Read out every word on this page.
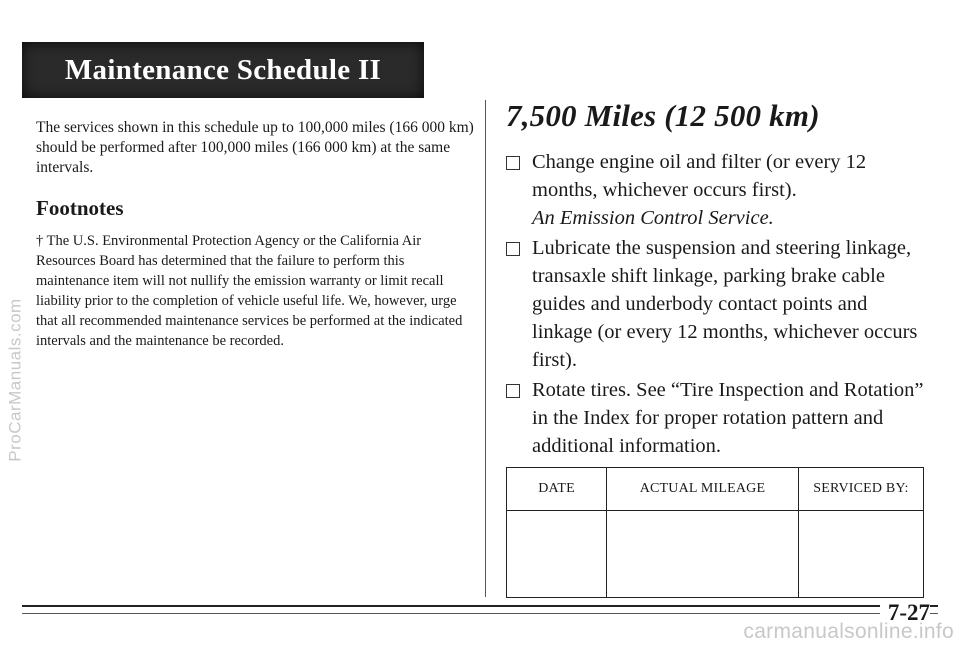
ProCarManuals.com
Maintenance Schedule II

The services shown in this schedule up to 100,000 miles (166 000 km) should be performed after 100,000 miles (166 000 km) at the same intervals.

Footnotes

† The U.S. Environmental Protection Agency or the California Air Resources Board has determined that the failure to perform this maintenance item will not nullify the emission warranty or limit recall liability prior to the completion of vehicle useful life. We, however, urge that all recommended maintenance services be performed at the indicated intervals and the maintenance be recorded.

7,500 Miles (12 500 km)
Change engine oil and filter (or every 12 months, whichever occurs first).
An Emission Control Service.
Lubricate the suspension and steering linkage, transaxle shift linkage, parking brake cable guides and underbody contact points and linkage (or every 12 months, whichever occurs first).
Rotate tires. See “Tire Inspection and Rotation” in the Index for proper rotation pattern and additional information.
DATE	ACTUAL MILEAGE	SERVICED BY:

7-27
carmanualsonline.info
